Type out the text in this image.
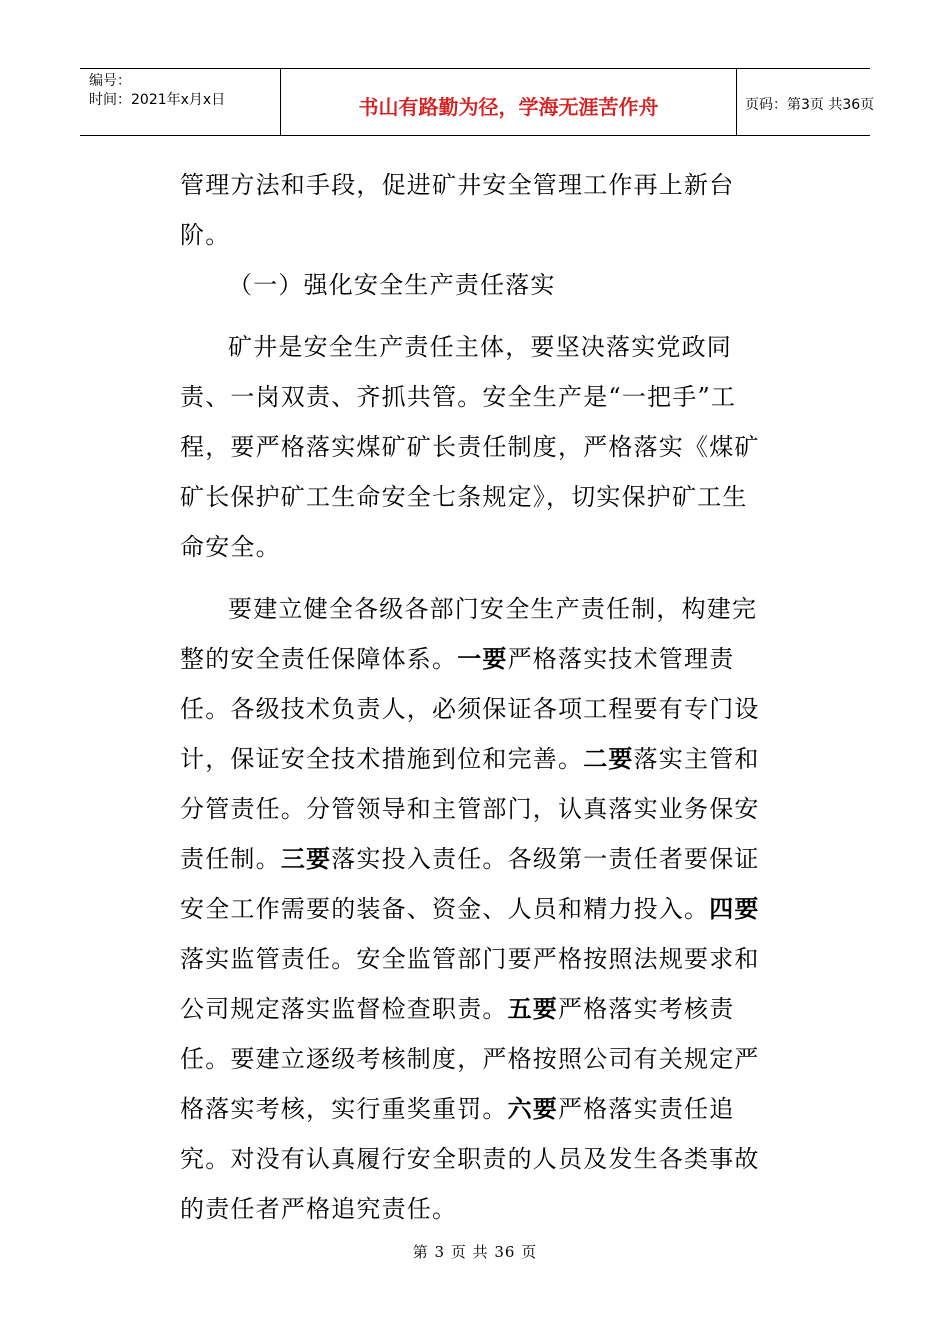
编号：
时间：2021年x月x日	书山有路勤为径，学海无涯苦作舟	页码：第3页 共36页

管理方法和手段，促进矿井安全管理工作再上新台阶。

（一）强化安全生产责任落实

矿井是安全生产责任主体，要坚决落实党政同责、一岗双责、齐抓共管。安全生产是“一把手”工程，要严格落实煤矿矿长责任制度，严格落实《煤矿矿长保护矿工生命安全七条规定》，切实保护矿工生命安全。

要建立健全各级各部门安全生产责任制，构建完整的安全责任保障体系。一要严格落实技术管理责任。各级技术负责人，必须保证各项工程要有专门设计，保证安全技术措施到位和完善。二要落实主管和分管责任。分管领导和主管部门，认真落实业务保安责任制。三要落实投入责任。各级第一责任者要保证安全工作需要的装备、资金、人员和精力投入。四要落实监管责任。安全监管部门要严格按照法规要求和公司规定落实监督检查职责。五要严格落实考核责任。要建立逐级考核制度，严格按照公司有关规定严格落实考核，实行重奖重罚。六要严格落实责任追究。对没有认真履行安全职责的人员及发生各类事故的责任者严格追究责任。

第 3 页 共 36 页
